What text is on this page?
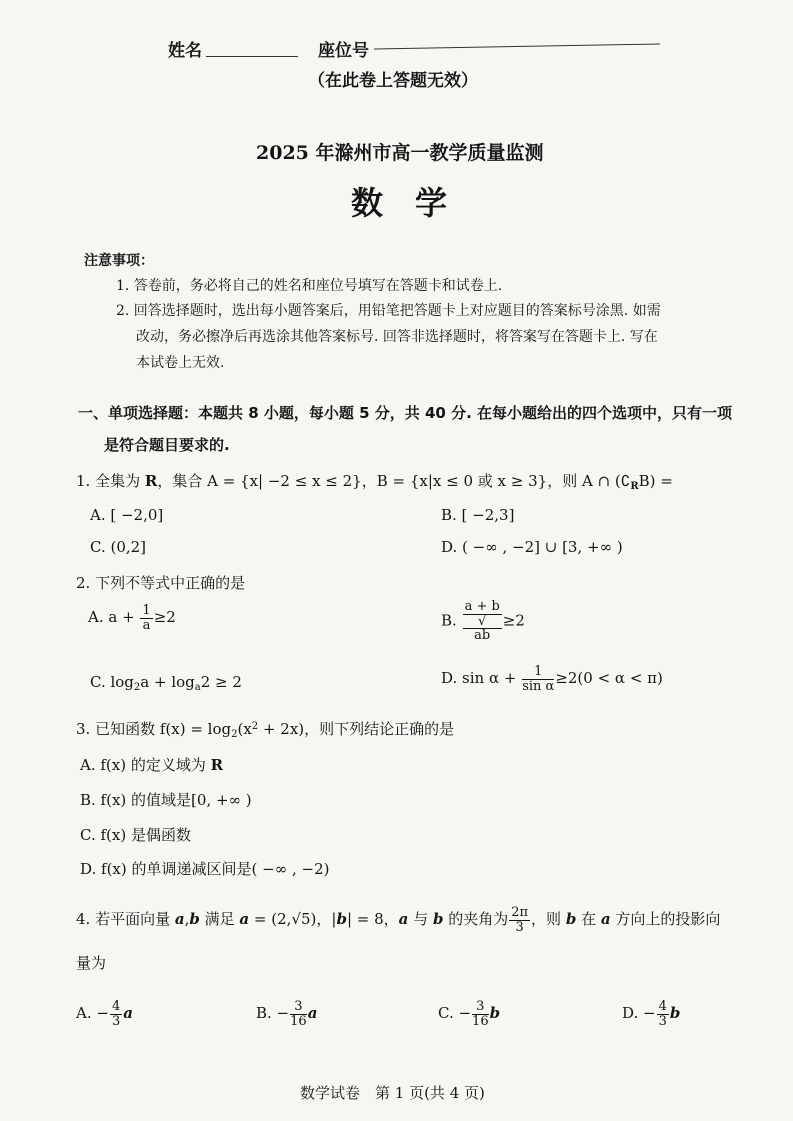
姓名	座位号
（在此卷上答题无效）
2025 年滁州市高一教学质量监测
数　学
注意事项：
1. 答卷前，务必将自己的姓名和座位号填写在答题卡和试卷上.
2. 回答选择题时，选出每小题答案后，用铅笔把答题卡上对应题目的答案标号涂黑. 如需
改动，务必擦净后再选涂其他答案标号. 回答非选择题时，将答案写在答题卡上. 写在
本试卷上无效.
一、单项选择题：本题共 8 小题，每小题 5 分，共 40 分. 在每小题给出的四个选项中，只有一项
是符合题目要求的.
1. 全集为 R，集合 A = {x| −2 ≤ x ≤ 2}，B = {x|x ≤ 0 或 x ≥ 3}，则 A ∩ $(∁_RB)$ =
A. [ −2,0]	B. [ −2,3]
C. (0,2]	D. ( −∞ , −2] ∪ [3, +∞ )
2. 下列不等式中正确的是
A. $a + \frac{1}{a} \ge 2$	B. a + b
√
ab ≥2
C. $\log_2a + \log_a2 \ge 2$	D. $\sin \alpha + \frac{1}{\text{sin α}} \ge 2(0 < \alpha < \pi)$
3. 已知函数 $f(x) = \log_2(x^2 + 2x)$，则下列结论正确的是
A. f(x) 的定义域为 R
B. f(x) 的值域是[0, +∞ )
C. f(x) 是偶函数
D. f(x) 的单调递减区间是( −∞ , −2)
4. 若平面向量 a,b 满足 a = (2,√5)，|b| = 8，a 与 b 的夹角为 $\frac{2\pi}{3}$ ，则 b 在 a 方向上的投影向
量为
A. − $\frac{4}{3}$ a	B. − $\frac{3}{16}$ a	C. − $\frac{3}{16}$ b	D. − $\frac{4}{3}$ b
数学试卷　第 1 页(共 4 页)
